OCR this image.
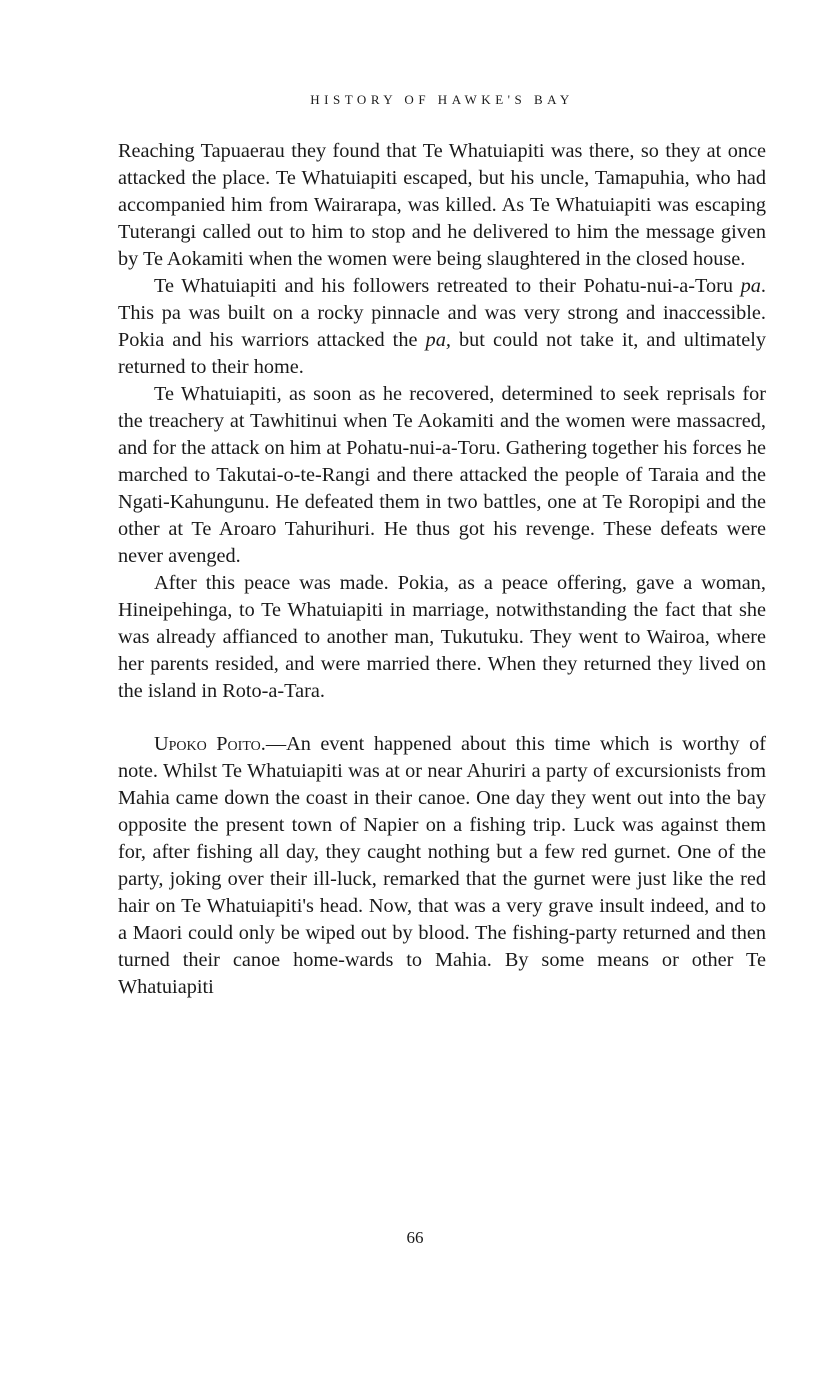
HISTORY OF HAWKE'S BAY

Reaching Tapuaerau they found that Te Whatuiapiti was there, so they at once attacked the place. Te Whatuiapiti escaped, but his uncle, Tamapuhia, who had accompanied him from Wairarapa, was killed. As Te Whatuiapiti was escaping Tuterangi called out to him to stop and he delivered to him the message given by Te Aokamiti when the women were being slaughtered in the closed house.

Te Whatuiapiti and his followers retreated to their Pohatu-nui-a-Toru pa. This pa was built on a rocky pinnacle and was very strong and inaccessible. Pokia and his warriors attacked the pa, but could not take it, and ultimately returned to their home.

Te Whatuiapiti, as soon as he recovered, determined to seek reprisals for the treachery at Tawhitinui when Te Aokamiti and the women were massacred, and for the attack on him at Pohatu-nui-a-Toru. Gathering together his forces he marched to Takutai-o-te-Rangi and there attacked the people of Taraia and the Ngati-Kahungunu. He defeated them in two battles, one at Te Roropipi and the other at Te Aroaro Tahurihuri. He thus got his revenge. These defeats were never avenged.

After this peace was made. Pokia, as a peace offering, gave a woman, Hineipehinga, to Te Whatuiapiti in marriage, notwithstanding the fact that she was already affianced to another man, Tukutuku. They went to Wairoa, where her parents resided, and were married there. When they returned they lived on the island in Roto-a-Tara.

Upoko Poito.—An event happened about this time which is worthy of note. Whilst Te Whatuiapiti was at or near Ahuriri a party of excursionists from Mahia came down the coast in their canoe. One day they went out into the bay opposite the present town of Napier on a fishing trip. Luck was against them for, after fishing all day, they caught nothing but a few red gurnet. One of the party, joking over their ill-luck, remarked that the gurnet were just like the red hair on Te Whatuiapiti's head. Now, that was a very grave insult indeed, and to a Maori could only be wiped out by blood. The fishing-party returned and then turned their canoe home-wards to Mahia. By some means or other Te Whatuiapiti

66
